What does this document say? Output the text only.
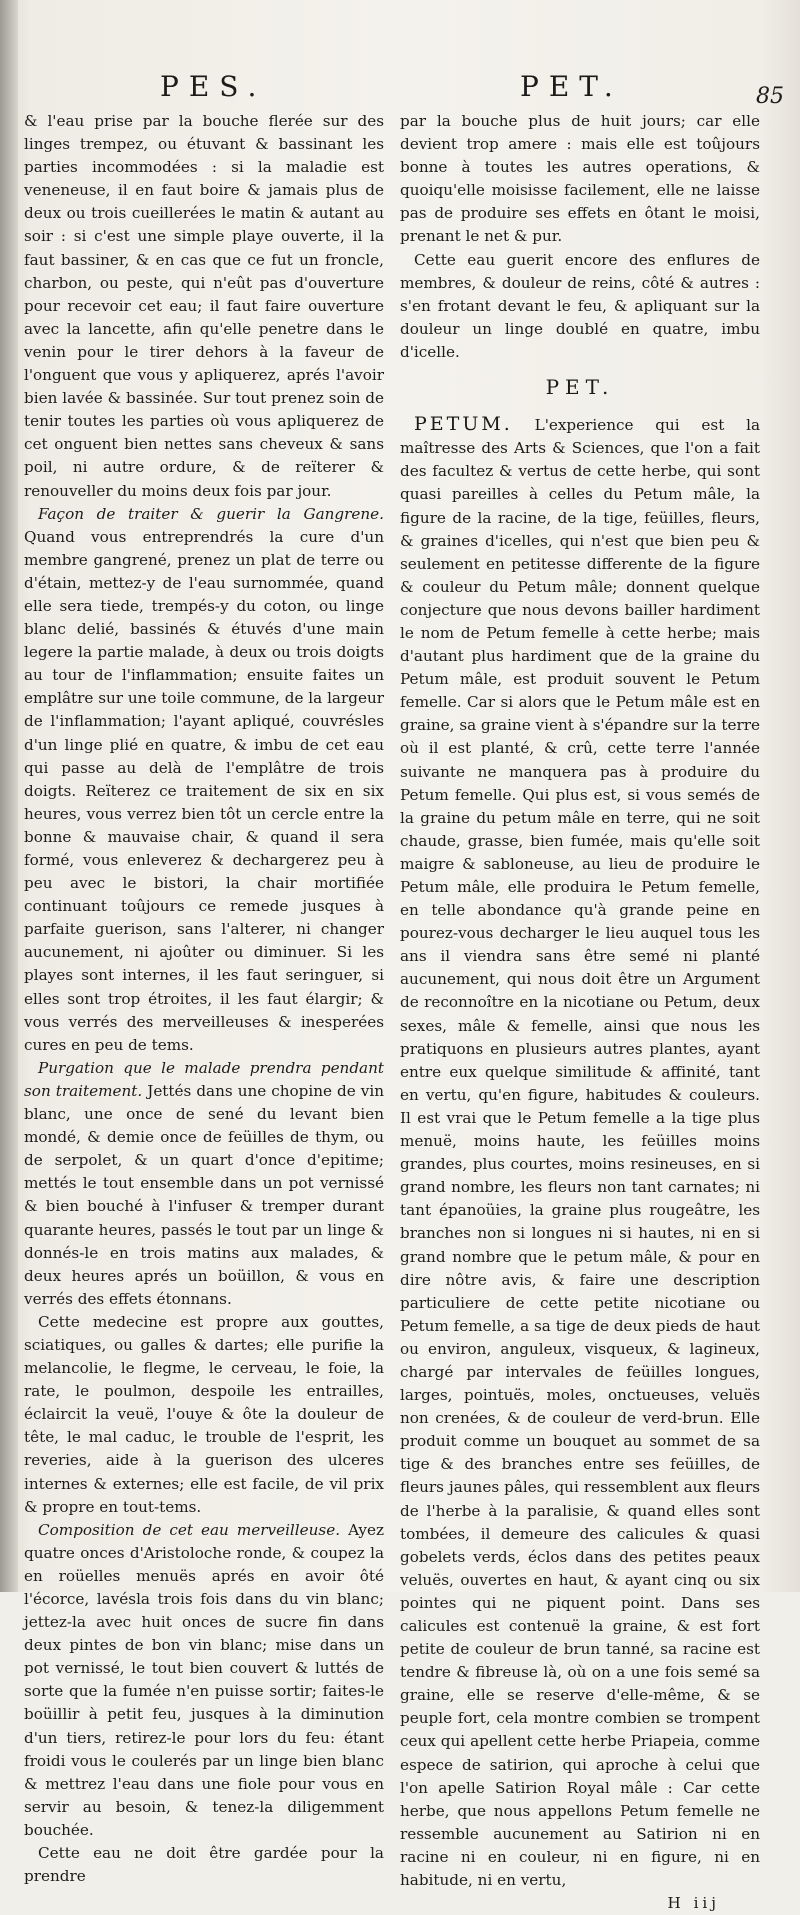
PES.	PET.	85

& l'eau prise par la bouche flerée sur des linges trempez, ou étuvant & bassinant les parties incommodées : si la maladie est veneneuse, il en faut boire & jamais plus de deux ou trois cueillerées le matin & autant au soir : si c'est une simple playe ouverte, il la faut bassiner, & en cas que ce fut un froncle, charbon, ou peste, qui n'eût pas d'ouverture pour recevoir cet eau; il faut faire ouverture avec la lancette, afin qu'elle penetre dans le venin pour le tirer dehors à la faveur de l'onguent que vous y apliquerez, aprés l'avoir bien lavée & bassinée. Sur tout prenez soin de tenir toutes les parties où vous apliquerez de cet onguent bien nettes sans cheveux & sans poil, ni autre ordure, & de reïterer & renouveller du moins deux fois par jour.

Façon de traiter & guerir la Gangrene. Quand vous entreprendrés la cure d'un membre gangrené, prenez un plat de terre ou d'étain, mettez-y de l'eau surnommée, quand elle sera tiede, trempés-y du coton, ou linge blanc delié, bassinés & étuvés d'une main legere la partie malade, à deux ou trois doigts au tour de l'inflammation; ensuite faites un emplâtre sur une toile commune, de la largeur de l'inflammation; l'ayant apliqué, couvrésles d'un linge plié en quatre, & imbu de cet eau qui passe au delà de l'emplâtre de trois doigts. Reïterez ce traitement de six en six heures, vous verrez bien tôt un cercle entre la bonne & mauvaise chair, & quand il sera formé, vous enleverez & dechargerez peu à peu avec le bistori, la chair mortifiée continuant toûjours ce remede jusques à parfaite guerison, sans l'alterer, ni changer aucunement, ni ajoûter ou diminuer. Si les playes sont internes, il les faut seringuer, si elles sont trop étroites, il les faut élargir; & vous verrés des merveilleuses & inesperées cures en peu de tems.

Purgation que le malade prendra pendant son traitement. Jettés dans une chopine de vin blanc, une once de sené du levant bien mondé, & demie once de feüilles de thym, ou de serpolet, & un quart d'once d'epitime; mettés le tout ensemble dans un pot vernissé & bien bouché à l'infuser & tremper durant quarante heures, passés le tout par un linge & donnés-le en trois matins aux malades, & deux heures aprés un boüillon, & vous en verrés des effets étonnans.

Cette medecine est propre aux gouttes, sciatiques, ou galles & dartes; elle purifie la melancolie, le flegme, le cerveau, le foie, la rate, le poulmon, despoile les entrailles, éclaircit la veuë, l'ouye & ôte la douleur de tête, le mal caduc, le trouble de l'esprit, les reveries, aide à la guerison des ulceres internes & externes; elle est facile, de vil prix & propre en tout-tems.

Composition de cet eau merveilleuse. Ayez quatre onces d'Aristoloche ronde, & coupez la en roüelles menuës aprés en avoir ôté l'écorce, lavésla trois fois dans du vin blanc; jettez-la avec huit onces de sucre fin dans deux pintes de bon vin blanc; mise dans un pot vernissé, le tout bien couvert & luttés de sorte que la fumée n'en puisse sortir; faites-le boüillir à petit feu, jusques à la diminution d'un tiers, retirez-le pour lors du feu: étant froidi vous le coulerés par un linge bien blanc & mettrez l'eau dans une fiole pour vous en servir au besoin, & tenez-la diligemment bouchée.

Cette eau ne doit être gardée pour la prendre

par la bouche plus de huit jours; car elle devient trop amere : mais elle est toûjours bonne à toutes les autres operations, & quoiqu'elle moisisse facilement, elle ne laisse pas de produire ses effets en ôtant le moisi, prenant le net & pur.

Cette eau guerit encore des enflures de membres, & douleur de reins, côté & autres : s'en frotant devant le feu, & apliquant sur la douleur un linge doublé en quatre, imbu d'icelle.

PET.

PETUM. L'experience qui est la maîtresse des Arts & Sciences, que l'on a fait des facultez & vertus de cette herbe, qui sont quasi pareilles à celles du Petum mâle, la figure de la racine, de la tige, feüilles, fleurs, & graines d'icelles, qui n'est que bien peu & seulement en petitesse differente de la figure & couleur du Petum mâle; donnent quelque conjecture que nous devons bailler hardiment le nom de Petum femelle à cette herbe; mais d'autant plus hardiment que de la graine du Petum mâle, est produit souvent le Petum femelle. Car si alors que le Petum mâle est en graine, sa graine vient à s'épandre sur la terre où il est planté, & crû, cette terre l'année suivante ne manquera pas à produire du Petum femelle. Qui plus est, si vous semés de la graine du petum mâle en terre, qui ne soit chaude, grasse, bien fumée, mais qu'elle soit maigre & sabloneuse, au lieu de produire le Petum mâle, elle produira le Petum femelle, en telle abondance qu'à grande peine en pourez-vous decharger le lieu auquel tous les ans il viendra sans être semé ni planté aucunement, qui nous doit être un Argument de reconnoître en la nicotiane ou Petum, deux sexes, mâle & femelle, ainsi que nous les pratiquons en plusieurs autres plantes, ayant entre eux quelque similitude & affinité, tant en vertu, qu'en figure, habitudes & couleurs. Il est vrai que le Petum femelle a la tige plus menuë, moins haute, les feüilles moins grandes, plus courtes, moins resineuses, en si grand nombre, les fleurs non tant carnates; ni tant épanoüies, la graine plus rougeâtre, les branches non si longues ni si hautes, ni en si grand nombre que le petum mâle, & pour en dire nôtre avis, & faire une description particuliere de cette petite nicotiane ou Petum femelle, a sa tige de deux pieds de haut ou environ, anguleux, visqueux, & lagineux, chargé par intervales de feüilles longues, larges, pointuës, moles, onctueuses, veluës non crenées, & de couleur de verd-brun. Elle produit comme un bouquet au sommet de sa tige & des branches entre ses feüilles, de fleurs jaunes pâles, qui ressemblent aux fleurs de l'herbe à la paralisie, & quand elles sont tombées, il demeure des calicules & quasi gobelets verds, éclos dans des petites peaux veluës, ouvertes en haut, & ayant cinq ou six pointes qui ne piquent point. Dans ses calicules est contenuë la graine, & est fort petite de couleur de brun tanné, sa racine est tendre & fibreuse là, où on a une fois semé sa graine, elle se reserve d'elle-même, & se peuple fort, cela montre combien se trompent ceux qui apellent cette herbe Priapeia, comme espece de satirion, qui aproche à celui que l'on apelle Satirion Royal mâle : Car cette herbe, que nous appellons Petum femelle ne ressemble aucunement au Satirion ni en racine ni en couleur, ni en figure, ni en habitude, ni en vertu,

H iij
